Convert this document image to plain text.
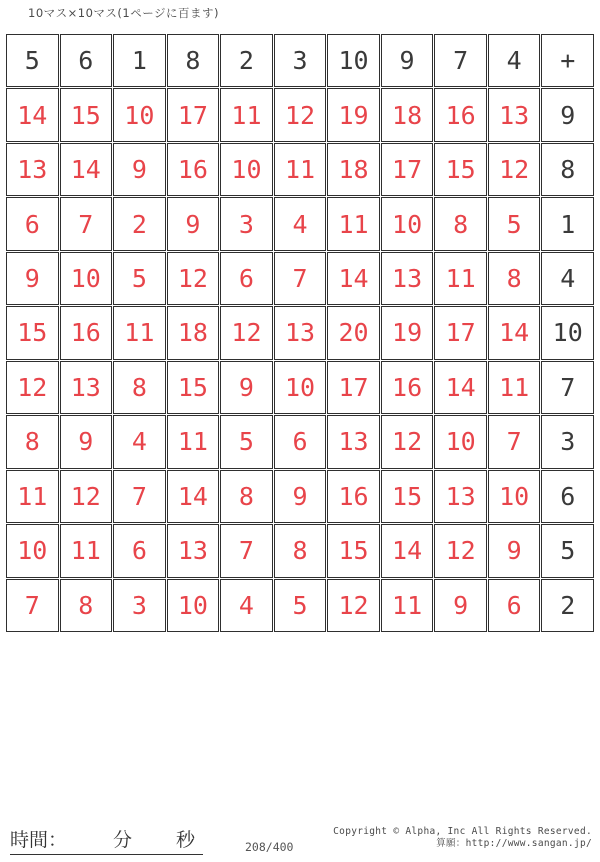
10マス×10マス(1ページに百ます)
5	6	1	8	2	3	10	9	7	4	+
14 15 10 17 11 12 19 18 16 13	9
13 14	9	16 10 11 18 17 15 12	8
6	7	2	9	3	4	11 10	8	5	1
9	10	5	12	6	7	14 13 11	8	4
15 16 11 18 12 13 20 19 17 14 10
12 13	8	15	9	10 17 16 14 11	7
8	9	4	11	5	6	13 12 10	7	3
11 12	7	14	8	9	16 15 13 10	6
10 11	6	13	7	8	15 14 12	9	5
7	8	3	10	4	5	12 11	9	6	2
時間： 分 秒	208/400
Copyright © Alpha, Inc All Rights Reserved.
算願：http://www.sangan.jp/
